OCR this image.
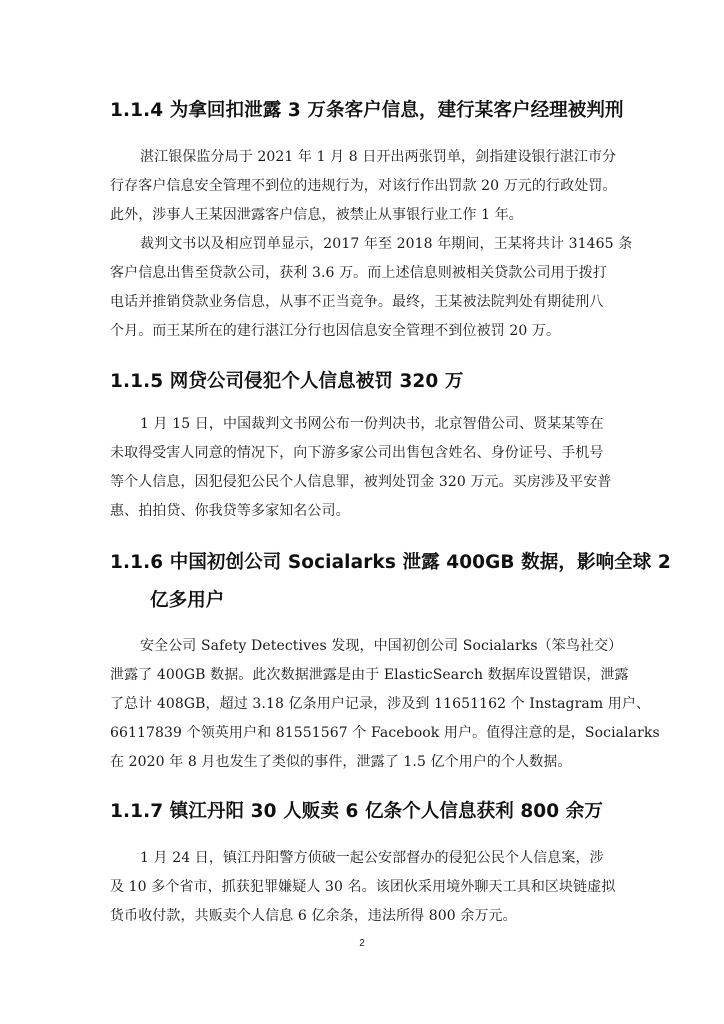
1.1.4 为拿回扣泄露 3 万条客户信息，建行某客户经理被判刑

湛江银保监分局于 2021 年 1 月 8 日开出两张罚单，剑指建设银行湛江市分
行存客户信息安全管理不到位的违规行为，对该行作出罚款 20 万元的行政处罚。
此外，涉事人王某因泄露客户信息，被禁止从事银行业工作 1 年。

裁判文书以及相应罚单显示，2017 年至 2018 年期间，王某将共计 31465 条
客户信息出售至贷款公司，获利 3.6 万。而上述信息则被相关贷款公司用于拨打
电话并推销贷款业务信息，从事不正当竞争。最终，王某被法院判处有期徒刑八
个月。而王某所在的建行湛江分行也因信息安全管理不到位被罚 20 万。

1.1.5 网贷公司侵犯个人信息被罚 320 万

1 月 15 日，中国裁判文书网公布一份判决书，北京智借公司、贤某某等在
未取得受害人同意的情况下，向下游多家公司出售包含姓名、身份证号、手机号
等个人信息，因犯侵犯公民个人信息罪，被判处罚金 320 万元。买房涉及平安普
惠、拍拍贷、你我贷等多家知名公司。

1.1.6 中国初创公司 Socialarks 泄露 400GB 数据，影响全球 2
亿多用户

安全公司 Safety Detectives 发现，中国初创公司 Socialarks（笨鸟社交）
泄露了 400GB 数据。此次数据泄露是由于 ElasticSearch 数据库设置错误，泄露
了总计 408GB，超过 3.18 亿条用户记录，涉及到 11651162 个 Instagram 用户、
66117839 个领英用户和 81551567 个 Facebook 用户。值得注意的是，Socialarks
在 2020 年 8 月也发生了类似的事件，泄露了 1.5 亿个用户的个人数据。

1.1.7 镇江丹阳 30 人贩卖 6 亿条个人信息获利 800 余万

1 月 24 日，镇江丹阳警方侦破一起公安部督办的侵犯公民个人信息案，涉
及 10 多个省市，抓获犯罪嫌疑人 30 名。该团伙采用境外聊天工具和区块链虚拟
货币收付款，共贩卖个人信息 6 亿余条，违法所得 800 余万元。

2
